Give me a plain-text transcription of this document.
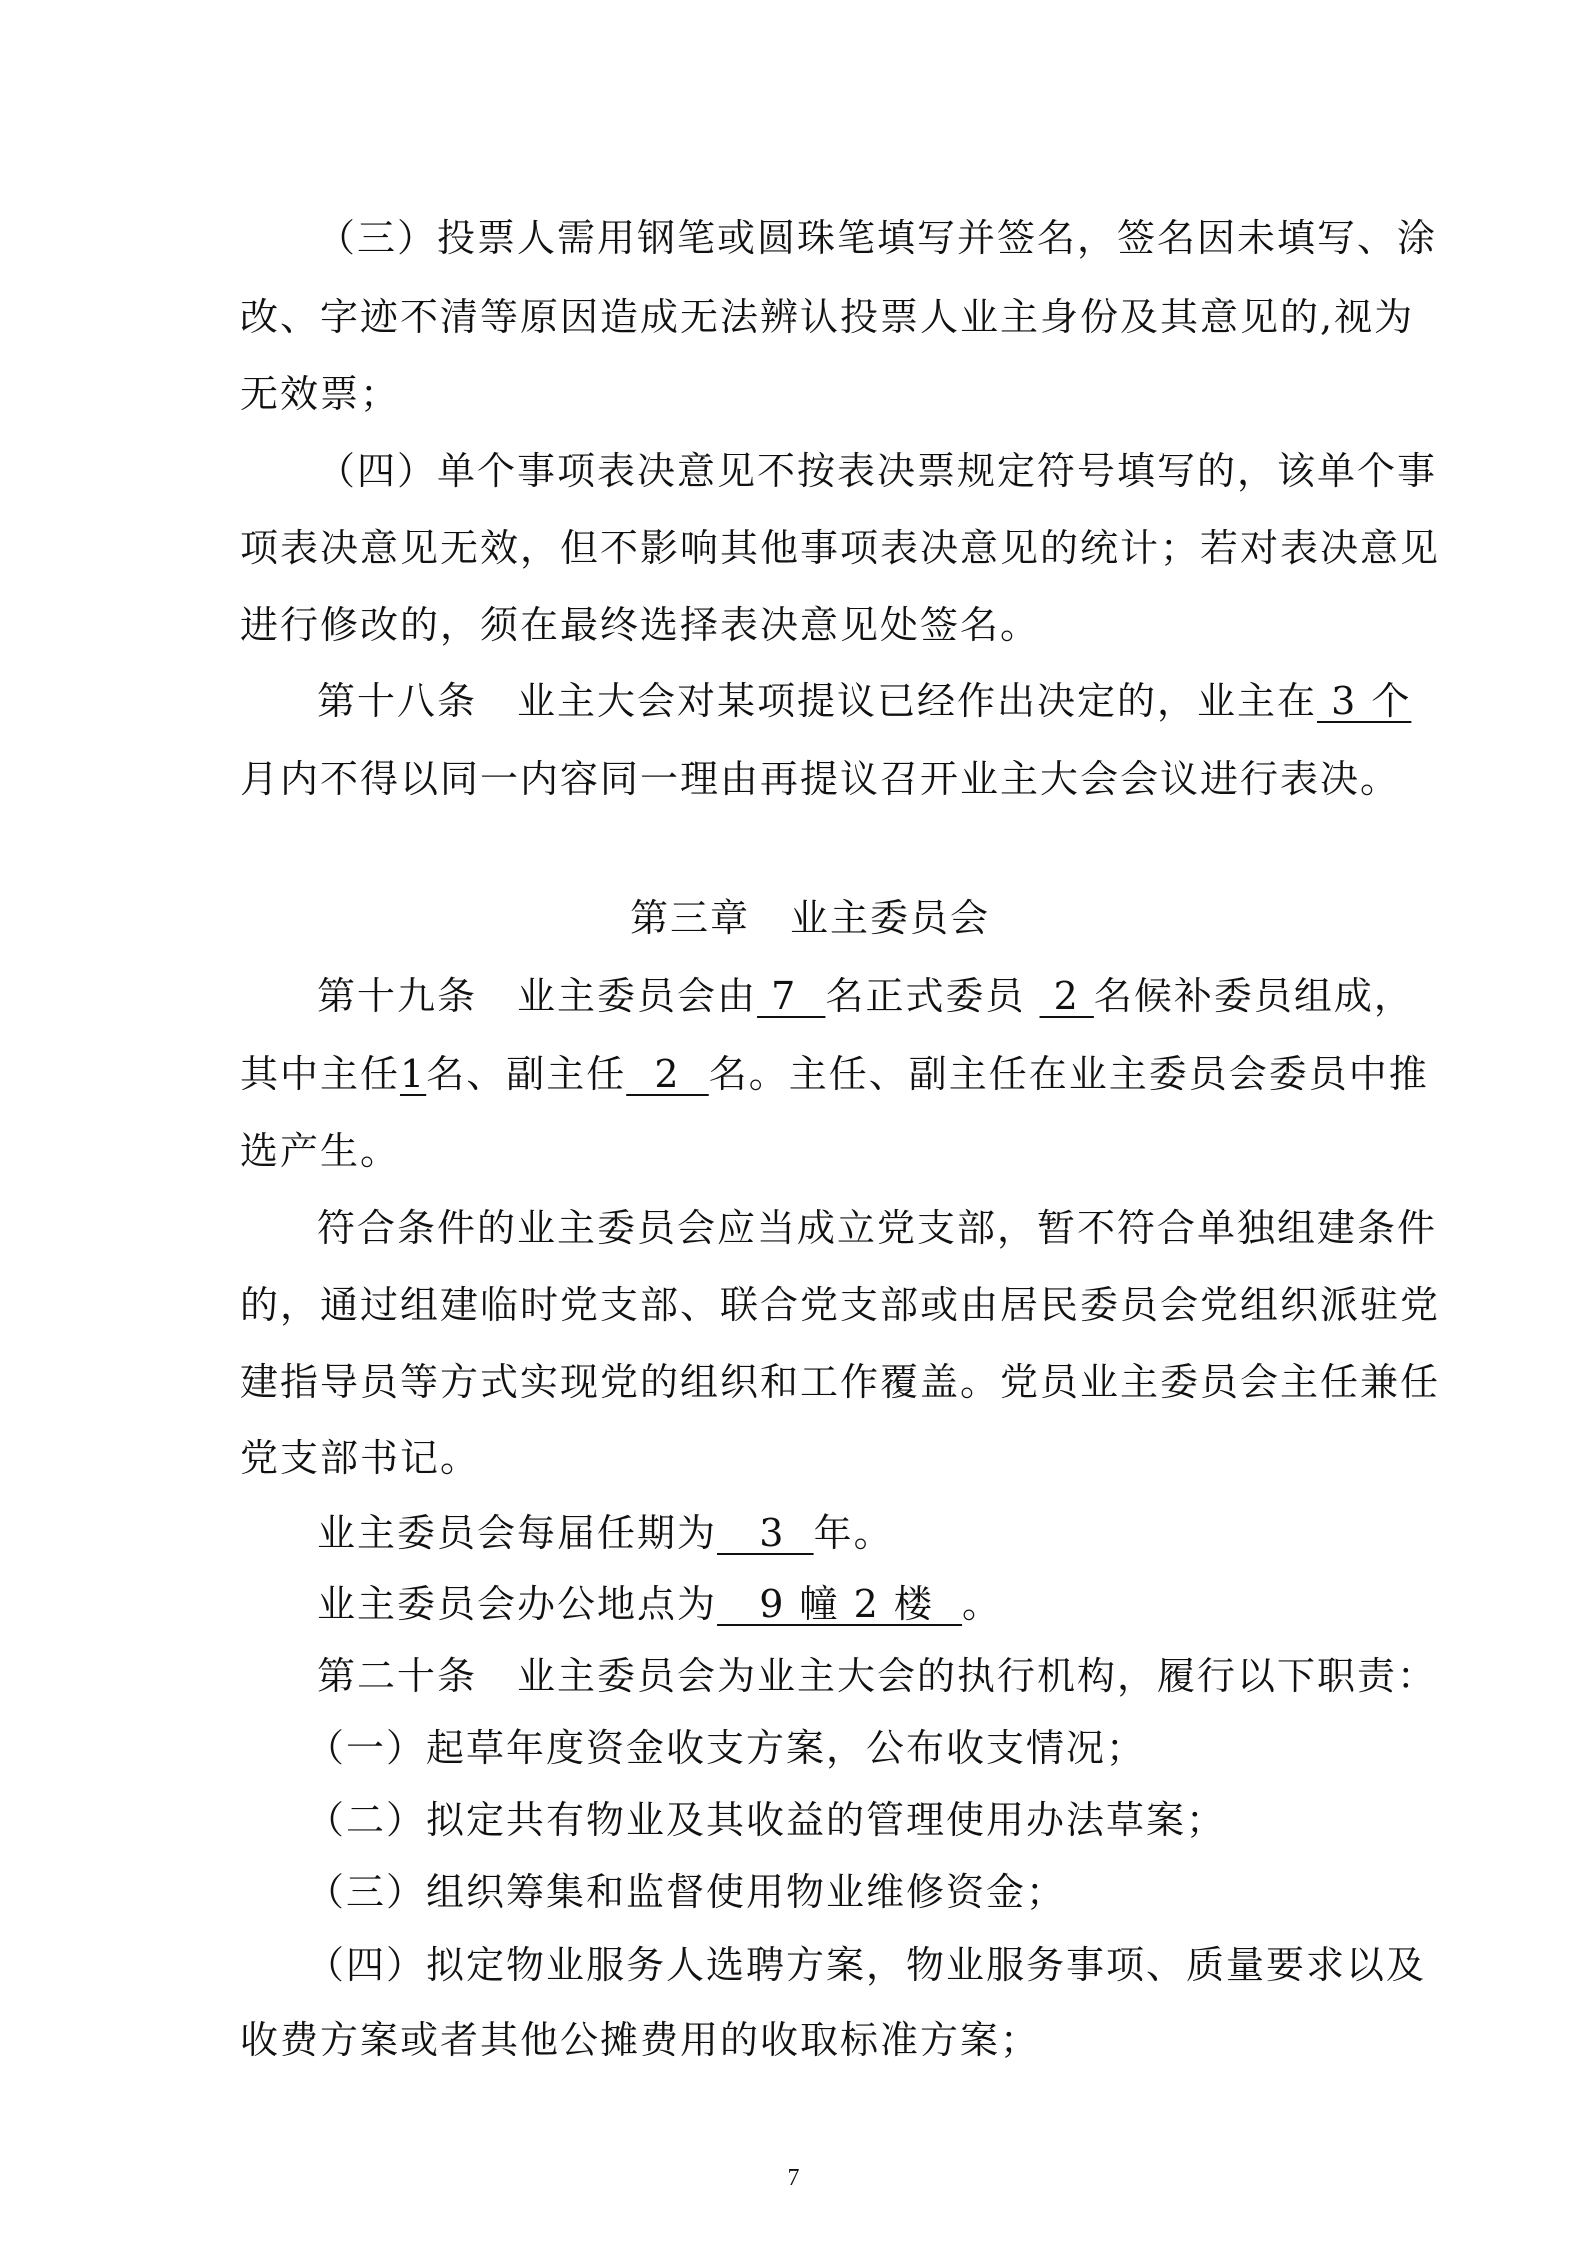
（三）投票人需用钢笔或圆珠笔填写并签名，签名因未填写、涂
改、字迹不清等原因造成无法辨认投票人业主身份及其意见的,视为
无效票；
（四）单个事项表决意见不按表决票规定符号填写的，该单个事
项表决意见无效，但不影响其他事项表决意见的统计；若对表决意见
进行修改的，须在最终选择表决意见处签名。
第十八条　业主大会对某项提议已经作出决定的，业主在 3 个
月内不得以同一内容同一理由再提议召开业主大会会议进行表决。
第三章　业主委员会
第十九条　业主委员会由 7  名正式委员  2 名候补委员组成，
其中主任1名、副主任  2  名。主任、副主任在业主委员会委员中推
选产生。
符合条件的业主委员会应当成立党支部，暂不符合单独组建条件
的，通过组建临时党支部、联合党支部或由居民委员会党组织派驻党
建指导员等方式实现党的组织和工作覆盖。党员业主委员会主任兼任
党支部书记。
业主委员会每届任期为   3  年。
业主委员会办公地点为   9 幢 2 楼  。
第二十条　业主委员会为业主大会的执行机构，履行以下职责：
（一）起草年度资金收支方案，公布收支情况；
（二）拟定共有物业及其收益的管理使用办法草案；
（三）组织筹集和监督使用物业维修资金；
（四）拟定物业服务人选聘方案，物业服务事项、质量要求以及
收费方案或者其他公摊费用的收取标准方案；
7
